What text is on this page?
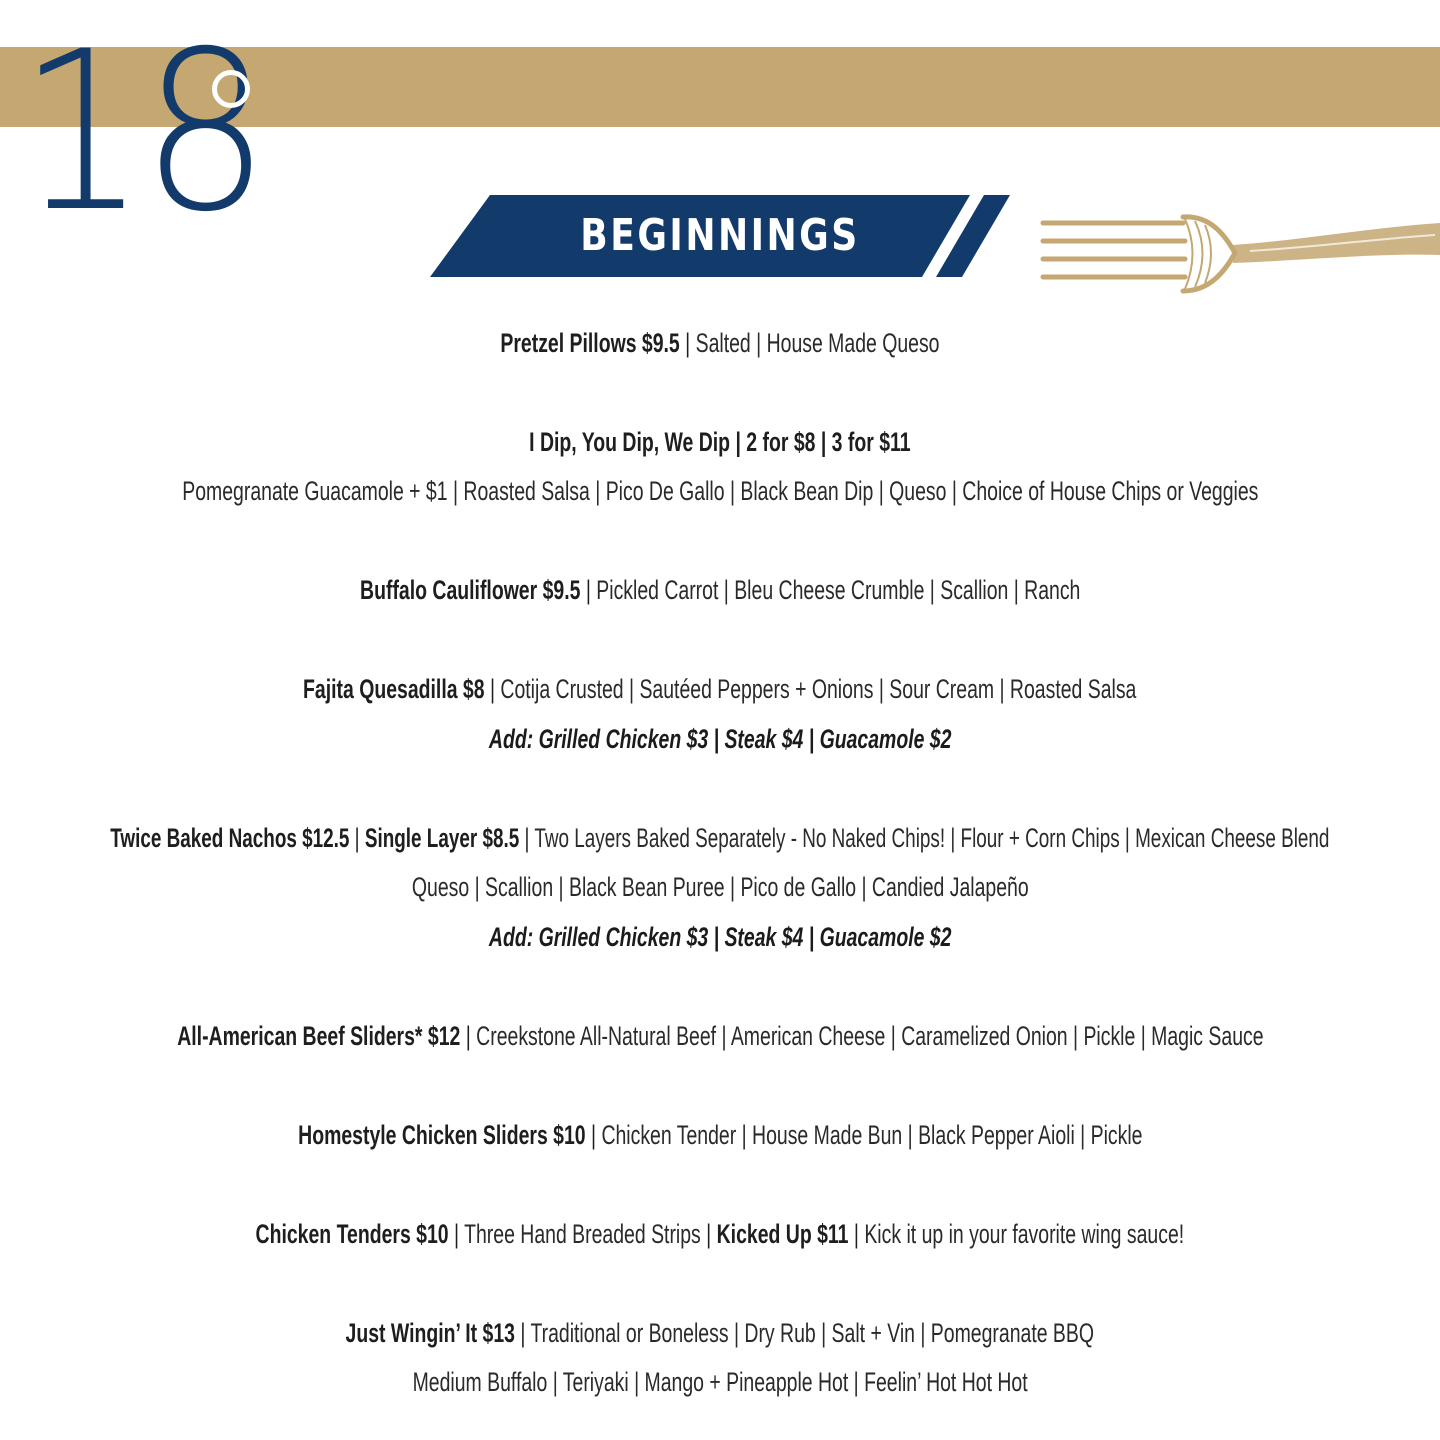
18	BEGINNINGS
Pretzel Pillows $9.5 | Salted | House Made Queso
I Dip, You Dip, We Dip | 2 for $8 | 3 for $11
Pomegranate Guacamole + $1 | Roasted Salsa | Pico De Gallo | Black Bean Dip | Queso | Choice of House Chips or Veggies
Buffalo Cauliflower $9.5 | Pickled Carrot | Bleu Cheese Crumble | Scallion | Ranch
Fajita Quesadilla $8 | Cotija Crusted | Sautéed Peppers + Onions | Sour Cream | Roasted Salsa
Add: Grilled Chicken $3 | Steak $4 | Guacamole $2
Twice Baked Nachos $12.5 | Single Layer $8.5 | Two Layers Baked Separately - No Naked Chips! | Flour + Corn Chips | Mexican Cheese Blend
Queso | Scallion | Black Bean Puree | Pico de Gallo | Candied Jalapeño
Add: Grilled Chicken $3 | Steak $4 | Guacamole $2
All-American Beef Sliders* $12 | Creekstone All-Natural Beef | American Cheese | Caramelized Onion | Pickle | Magic Sauce
Homestyle Chicken Sliders $10 | Chicken Tender | House Made Bun | Black Pepper Aioli | Pickle
Chicken Tenders $10 | Three Hand Breaded Strips | Kicked Up $11 | Kick it up in your favorite wing sauce!
Just Wingin’ It $13 | Traditional or Boneless | Dry Rub | Salt + Vin | Pomegranate BBQ
Medium Buffalo | Teriyaki | Mango + Pineapple Hot | Feelin’ Hot Hot Hot
